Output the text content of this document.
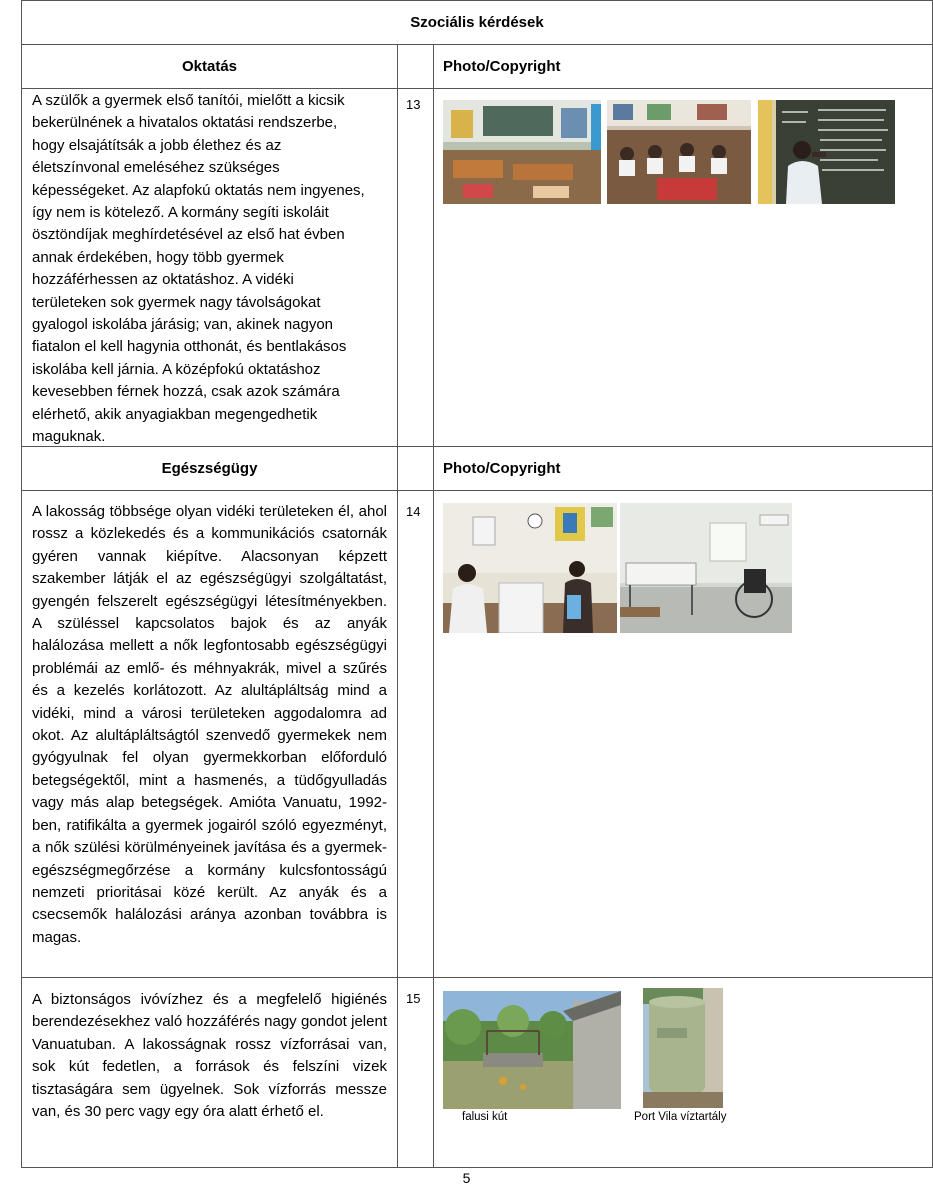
Szociális kérdések
Oktatás	Photo/Copyright
A szülők a gyermek első tanítói, mielőtt a kicsik
bekerülnének a hivatalos oktatási rendszerbe,
hogy elsajátítsák a jobb élethez és az
életszínvonal emeléséhez szükséges
képességeket. Az alapfokú oktatás nem ingyenes,
így nem is kötelező. A kormány segíti iskoláit
ösztöndíjak meghírdetésével az első hat évben
annak érdekében, hogy több gyermek
hozzáférhessen az oktatáshoz. A vidéki
területeken sok gyermek nagy távolságokat
gyalogol iskolába járásig; van, akinek nagyon
fiatalon el kell hagynia otthonát, és bentlakásos
iskolába kell járnia. A középfokú oktatáshoz
kevesebben férnek hozzá, csak azok számára
elérhető, akik anyagiakban megengedhetik
maguknak.
13
Egészségügy	Photo/Copyright
A lakosság többsége olyan vidéki területeken él, ahol rossz a közlekedés és a kommunikációs csatornák gyéren vannak kiépítve. Alacsonyan képzett szakember látják el az egészségügyi szolgáltatást, gyengén felszerelt egészségügyi létesítményekben. A szüléssel kapcsolatos bajok és az anyák halálozása mellett a nők legfontosabb egészségügyi problémái az emlő- és méhnyakrák, mivel a szűrés és a kezelés korlátozott. Az alultápláltság mind a vidéki, mind a városi területeken aggodalomra ad okot. Az alultápláltságtól szenvedő gyermekek nem gyógyulnak fel olyan gyermekkorban előforduló betegségektől, mint a hasmenés, a tüdőgyulladás vagy más alap betegségek. Amióta Vanuatu, 1992-ben, ratifikálta a gyermek jogairól szóló egyezményt, a nők szülési körülményeinek javítása és a gyermek-egészségmegőrzése a kormány kulcsfontosságú nemzeti prioritásai közé került. Az anyák és a csecsemők halálozási aránya azonban továbbra is magas.
14
A biztonságos ivóvízhez és a megfelelő higiénés berendezésekhez való hozzáférés nagy gondot jelent Vanuatuban. A lakosságnak rossz vízforrásai van, sok kút fedetlen, a források és felszíni vizek tisztaságára sem ügyelnek. Sok vízforrás messze van, és 30 perc vagy egy óra alatt érhető el.
15
falusi kút	Port Vila víztartály
5
